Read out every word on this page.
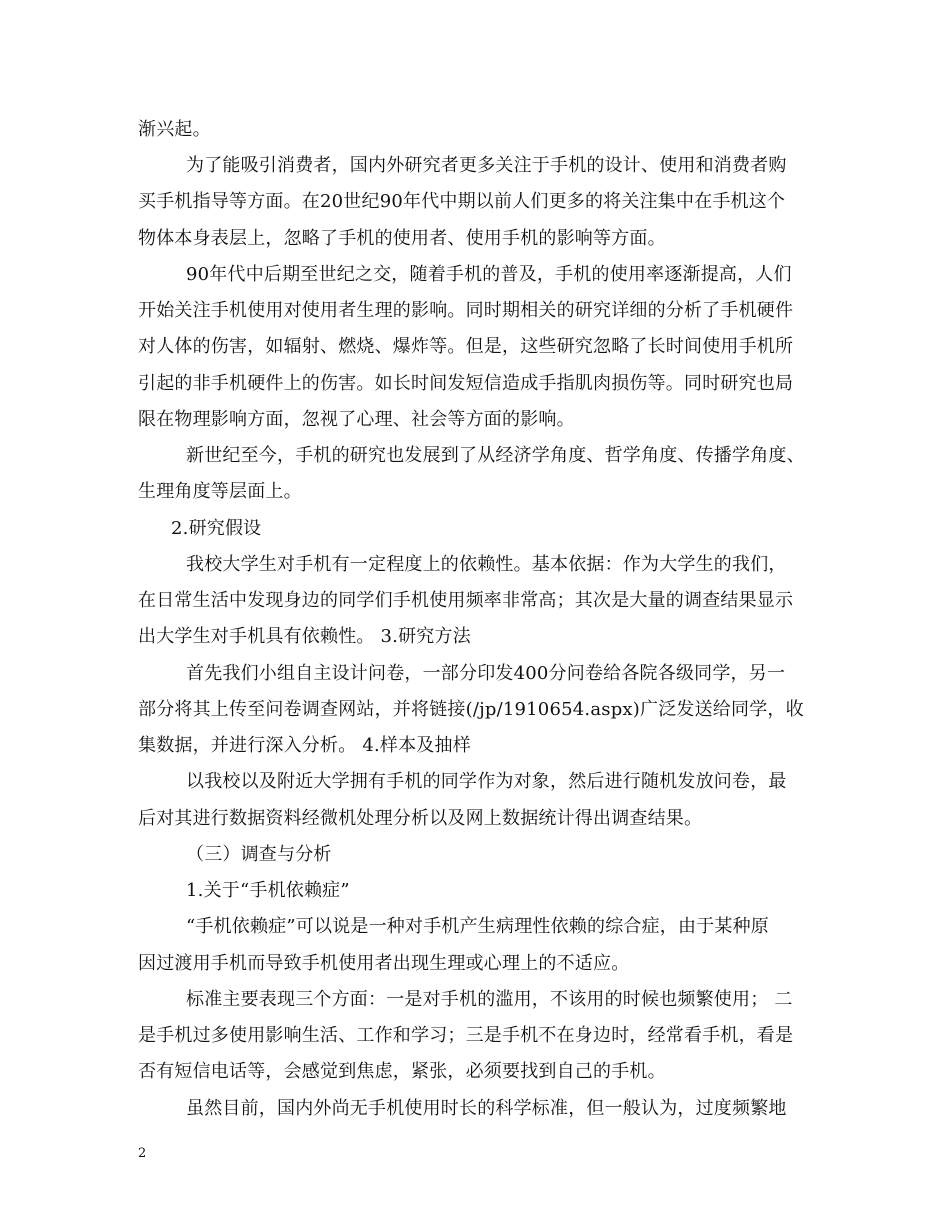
渐兴起。
为了能吸引消费者，国内外研究者更多关注于手机的设计、使用和消费者购
买手机指导等方面。在20世纪90年代中期以前人们更多的将关注集中在手机这个
物体本身表层上，忽略了手机的使用者、使用手机的影响等方面。
90年代中后期至世纪之交，随着手机的普及，手机的使用率逐渐提高，人们
开始关注手机使用对使用者生理的影响。同时期相关的研究详细的分析了手机硬件
对人体的伤害，如辐射、燃烧、爆炸等。但是，这些研究忽略了长时间使用手机所
引起的非手机硬件上的伤害。如长时间发短信造成手指肌肉损伤等。同时研究也局
限在物理影响方面，忽视了心理、社会等方面的影响。
新世纪至今，手机的研究也发展到了从经济学角度、哲学角度、传播学角度、
生理角度等层面上。
2.研究假设
我校大学生对手机有一定程度上的依赖性。基本依据：作为大学生的我们，
在日常生活中发现身边的同学们手机使用频率非常高；其次是大量的调查结果显示
出大学生对手机具有依赖性。 3.研究方法
首先我们小组自主设计问卷，一部分印发400分问卷给各院各级同学，另一
部分将其上传至问卷调查网站，并将链接(/jp/1910654.aspx)广泛发送给同学，收
集数据，并进行深入分析。 4.样本及抽样
以我校以及附近大学拥有手机的同学作为对象，然后进行随机发放问卷，最
后对其进行数据资料经微机处理分析以及网上数据统计得出调查结果。
（三）调查与分析
1.关于“手机依赖症”
“手机依赖症”可以说是一种对手机产生病理性依赖的综合症，由于某种原
因过渡用手机而导致手机使用者出现生理或心理上的不适应。
标准主要表现三个方面：一是对手机的滥用，不该用的时候也频繁使用； 二
是手机过多使用影响生活、工作和学习；三是手机不在身边时，经常看手机，看是
否有短信电话等，会感觉到焦虑，紧张，必须要找到自己的手机。
虽然目前，国内外尚无手机使用时长的科学标准，但一般认为，过度频繁地
2
